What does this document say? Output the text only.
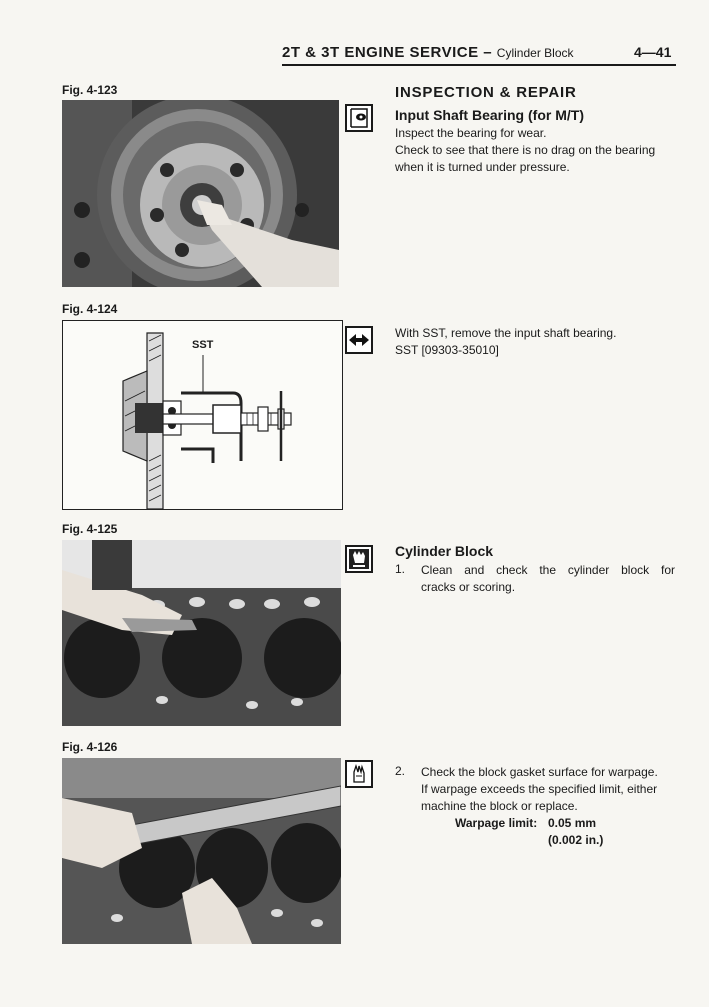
2T & 3T ENGINE SERVICE – Cylinder Block	4—41
Fig. 4-123
Fig. 4-124
SST
Fig. 4-125
Fig. 4-126
INSPECTION & REPAIR
Input Shaft Bearing (for M/T)
Inspect the bearing for wear.
Check to see that there is no drag on the bearing
when it is turned under pressure.
With SST, remove the input shaft bearing.
SST [09303-35010]
Cylinder Block
1. Clean and check the cylinder block for
cracks or scoring.
2. Check the block gasket surface for warpage.
If warpage exceeds the specified limit, either
machine the block or replace.
Warpage limit: 0.05 mm
(0.002 in.)
